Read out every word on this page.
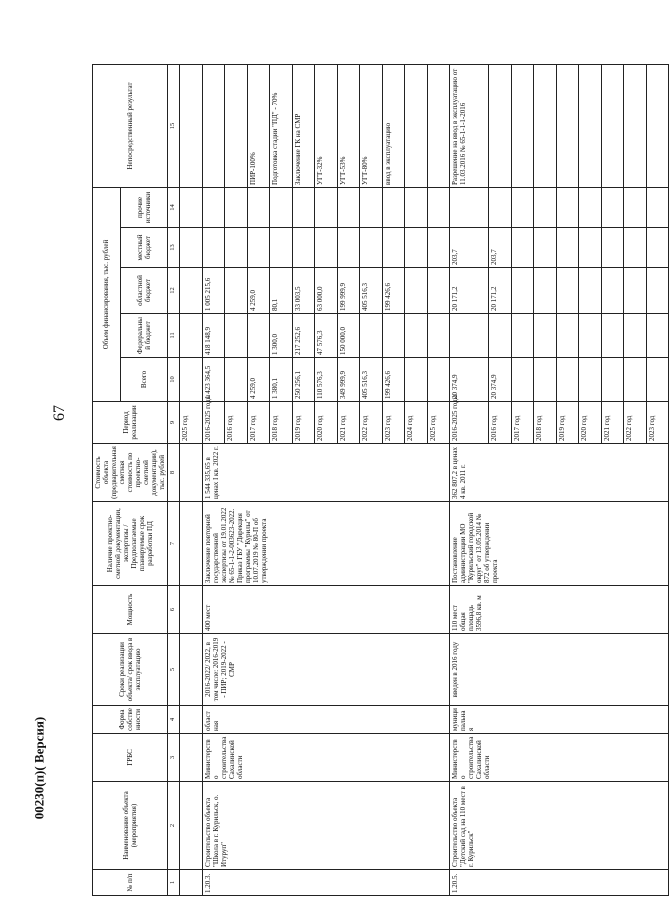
67
00230(п)( Версия)
№ п/п	Наименование объекта (мероприятия)	ГРБС	Форма собственности	Сроки реализации объекта/ срок ввода в эксплуатацию	Мощность	Наличие проектно-сметной документации, экспертизы / Предполагаемые планируемые срок разработки ПД	Стоимость объекта (предварительная сметная стоимость по проектно-сметной документации), тыс. рублей	Период реализации	Объем финансирования, тыс. рублей					Непосредственный результат
									Всего	Федеральный бюджет	областной бюджет	местный бюджет	прочие источники	
1	2	3	4	5	6	7	8	9	10	11	12	13	14	15
								2025 год						
1.20.3.	Строительство объекта "Школа в г. Курильск, о. Итуруп"	Министерство строительства Сахалинской области	областная	2016-2022/ 2022, в том числе: 2016-2019 - ПИР; 2019-2022 - СМР	400 мест	Заключение повторной государственной экспертизы от 19.01.2022 № 65-1-1-2-003623-2022. Приказ ГБУ "Дирекция программы "Курилы" от 10.07.2019 № 80-П об утверждении проекта	1 544 335,65 в ценах I кв. 2022 г.	2016-2025 годы	1 423 364,5	418 148,9	1 005 215,6			
								2016 год						
								2017 год	4 259,0		4 259,0			ПИР-100%
								2018 год	1 380,1	1 300,0	80,1			Подготовка стадии "ПД" - 70%
								2019 год	250 256,1	217 252,6	33 003,5			Заключение ГК на СМР
								2020 год	110 576,3	47 576,3	63 000,0			УГТ-32%
								2021 год	349 999,9	150 000,0	199 999,9			УГТ-53%
								2022 год	405 516,3		405 516,3			УГТ-80%
								2023 год	199 426,6		199 426,6			ввод в эксплуатацию
								2024 год						
								2025 год						
1.20.5.	Строительство объекта "Детский сад на 110 мест в г. Курильск"	Министерство строительства Сахалинской области	муниципальная	введен в 2016 году	110 мест общая площадь 3596,8 кв. м	Постановление администрации МО "Курильский городской округ" от 13.05.2014 № 872 об утверждении проекта	362 807,2 в ценах 4 кв. 2011 г.	2016-2025 годы	20 374,9		20 171,2	203,7		Разрешение на ввод в эксплуатацию от 11.03.2016 № 65-1-1-1-2016
								2016 год	20 374,9		20 171,2	203,7		
								2017 год						
								2018 год						
								2019 год						
								2020 год						
								2021 год						
								2022 год						
								2023 год						
